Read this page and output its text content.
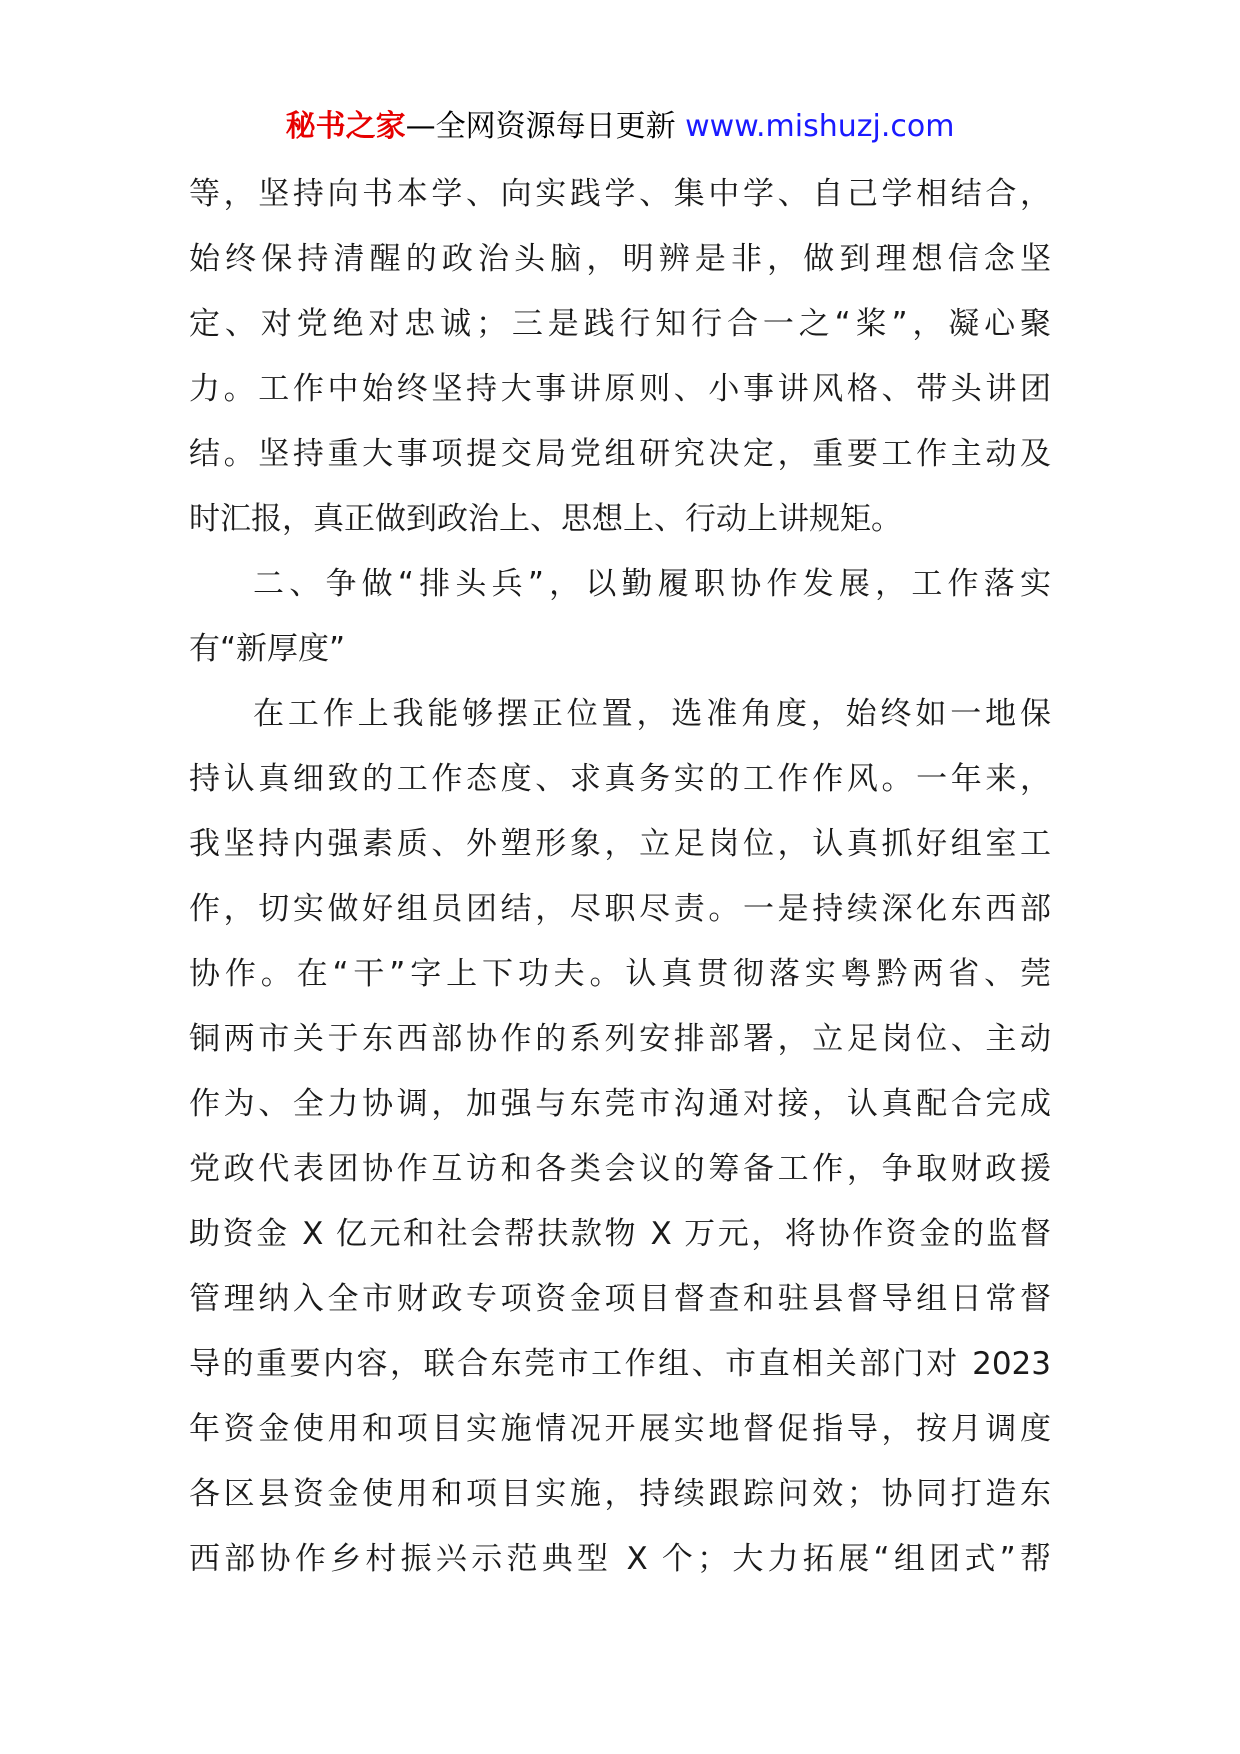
秘书之家—全网资源每日更新 www.mishuzj.com
等，坚持向书本学、向实践学、集中学、自己学相结合，
始终保持清醒的政治头脑，明辨是非，做到理想信念坚
定、对党绝对忠诚；三是践行知行合一之“桨”，凝心聚
力。工作中始终坚持大事讲原则、小事讲风格、带头讲团
结。坚持重大事项提交局党组研究决定，重要工作主动及
时汇报，真正做到政治上、思想上、行动上讲规矩。
二、争做“排头兵”，以勤履职协作发展，工作落实
有“新厚度”
在工作上我能够摆正位置，选准角度，始终如一地保
持认真细致的工作态度、求真务实的工作作风。一年来，
我坚持内强素质、外塑形象，立足岗位，认真抓好组室工
作，切实做好组员团结，尽职尽责。一是持续深化东西部
协作。在“干”字上下功夫。认真贯彻落实粤黔两省、莞
铜两市关于东西部协作的系列安排部署，立足岗位、主动
作为、全力协调，加强与东莞市沟通对接，认真配合完成
党政代表团协作互访和各类会议的筹备工作，争取财政援
助资金 X 亿元和社会帮扶款物 X 万元，将协作资金的监督
管理纳入全市财政专项资金项目督查和驻县督导组日常督
导的重要内容，联合东莞市工作组、市直相关部门对 2023
年资金使用和项目实施情况开展实地督促指导，按月调度
各区县资金使用和项目实施，持续跟踪问效；协同打造东
西部协作乡村振兴示范典型 X 个；大力拓展“组团式”帮
